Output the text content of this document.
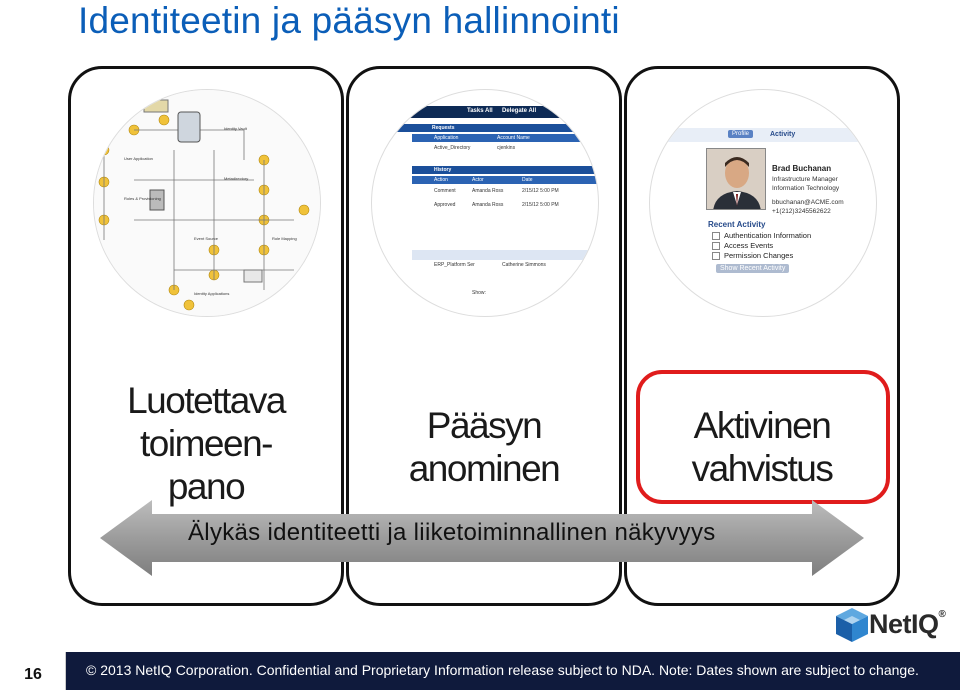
Identiteetin ja pääsyn hallinnointi
User Application
Roles & Provisioning
Identity Vault
Metadirectory
Event Source
Identity Applications
Role Mapping
Luotettava
toimeen-
pano
Tasks All Delegate All
Requests
Application	Account Name
Active_Directory	cjenkins
History
Action	Actor	Date
Comment	Amanda Ross	2/15/12 5:00 PM
Approved	Amanda Ross	2/15/12 5:00 PM
ERP_Platform Ser	Catherine Simmons
Show:
Pääsyn
anominen
Profile	Activity
Brad Buchanan
Infrastructure Manager
Information Technology
bbuchanan@ACME.com
+1(212)3245562622
Recent Activity
Authentication Information
Access Events
Permission Changes
Show Recent Activity
Aktivinen
vahvistus
Älykäs identiteetti ja liiketoiminnallinen näkyvyys
NetIQ®
16	© 2013 NetIQ Corporation. Confidential and Proprietary Information release subject to NDA. Note: Dates shown are subject to change.
